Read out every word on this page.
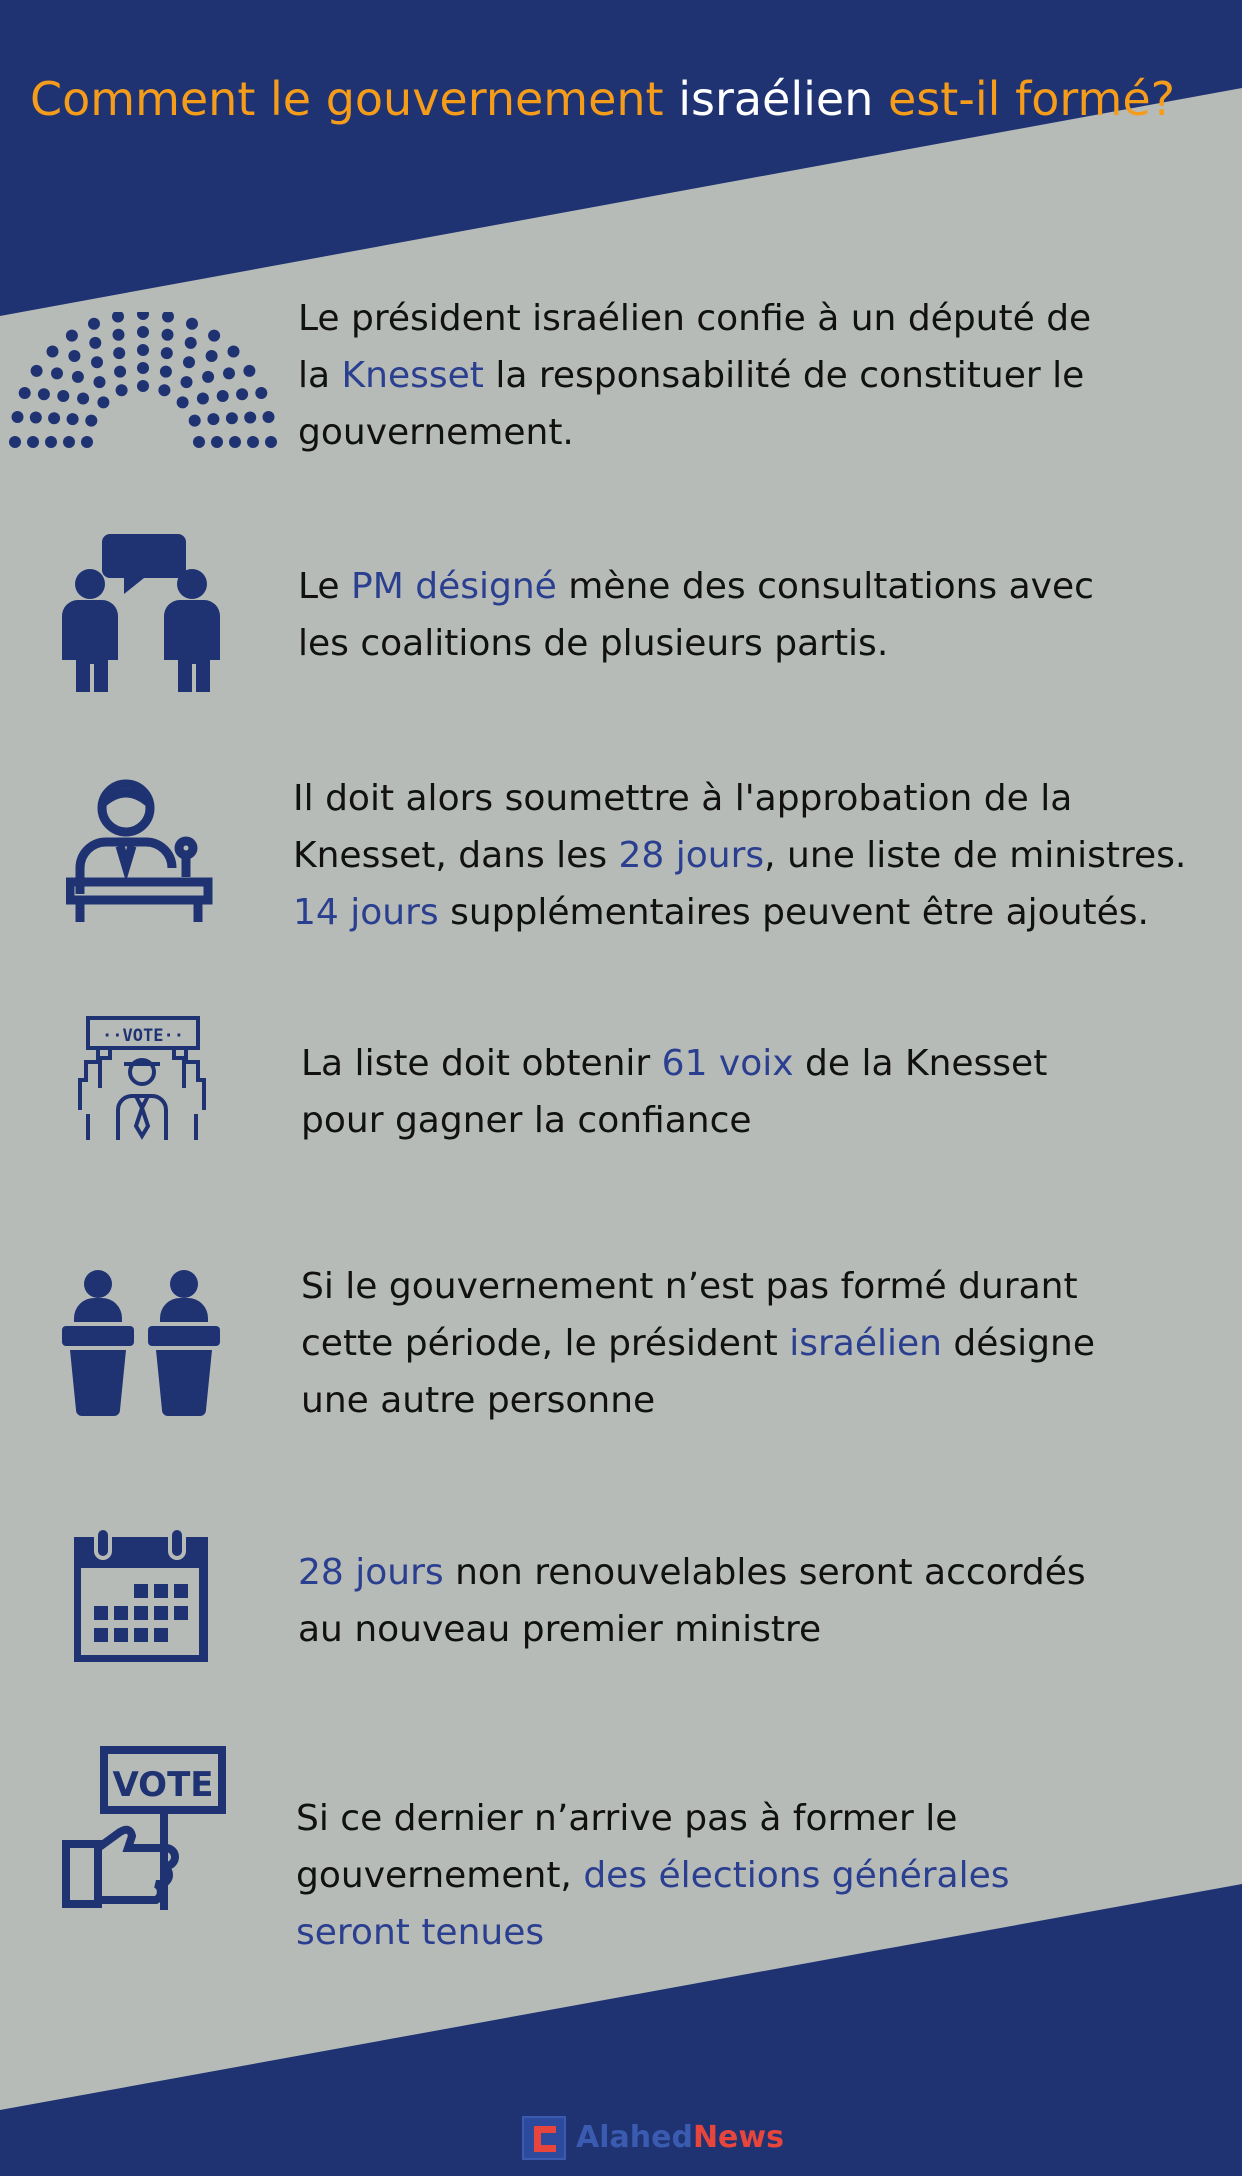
Comment le gouvernement israélien est-il formé?
Le président israélien confie à un député de
la Knesset la responsabilité de constituer le
gouvernement.
Le PM désigné mène des consultations avec
les coalitions de plusieurs partis.
Il doit alors soumettre à l'approbation de la
Knesset, dans les 28 jours, une liste de ministres.
14 jours supplémentaires peuvent être ajoutés.
··VOTE··
La liste doit obtenir 61 voix de la Knesset
pour gagner la confiance
Si le gouvernement n’est pas formé durant
cette période, le président israélien désigne
une autre personne
28 jours non renouvelables seront accordés
au nouveau premier ministre
VOTE
Si ce dernier n’arrive pas à former le
gouvernement, des élections générales
seront tenues
AlahedNews
